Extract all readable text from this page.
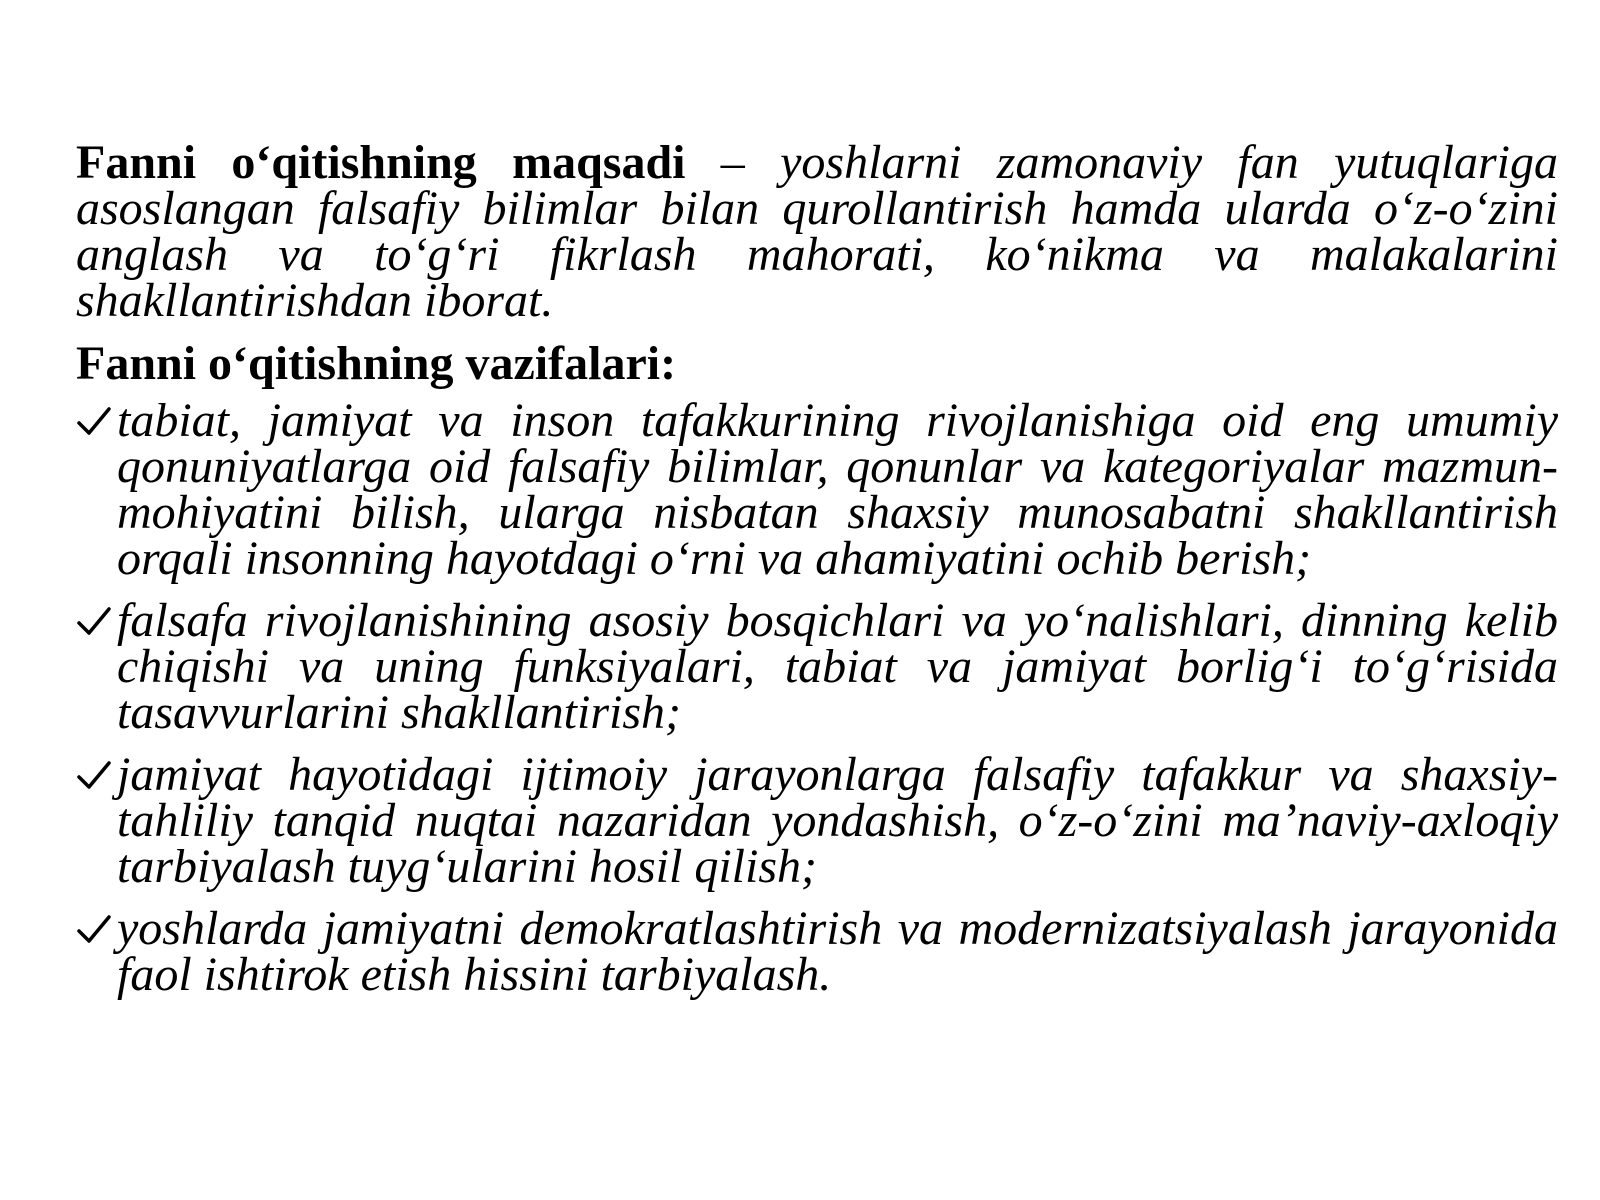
Fanni o‘qitishning maqsadi – yoshlarni zamonaviy fan yutuqlariga asoslangan falsafiy bilimlar bilan qurollantirish hamda ularda o‘z-o‘zini anglash va to‘g‘ri fikrlash mahorati, ko‘nikma va malakalarini shakllantirishdan iborat.

Fanni o‘qitishning vazifalari:
tabiat, jamiyat va inson tafakkurining rivojlanishiga oid eng umumiy qonuniyatlarga oid falsafiy bilimlar, qonunlar va kategoriyalar mazmun-mohiyatini bilish, ularga nisbatan shaxsiy munosabatni shakllantirish orqali insonning hayotdagi o‘rni va ahamiyatini ochib berish;
falsafa rivojlanishining asosiy bosqichlari va yo‘nalishlari, dinning kelib chiqishi va uning funksiyalari, tabiat va jamiyat borlig‘i to‘g‘risida tasavvurlarini shakllantirish;
jamiyat hayotidagi ijtimoiy jarayonlarga falsafiy tafakkur va shaxsiy-tahliliy tanqid nuqtai nazaridan yondashish, o‘z-o‘zini ma’naviy-axloqiy tarbiyalash tuyg‘ularini hosil qilish;
yoshlarda jamiyatni demokratlashtirish va modernizatsiyalash jarayonida faol ishtirok etish hissini tarbiyalash.
